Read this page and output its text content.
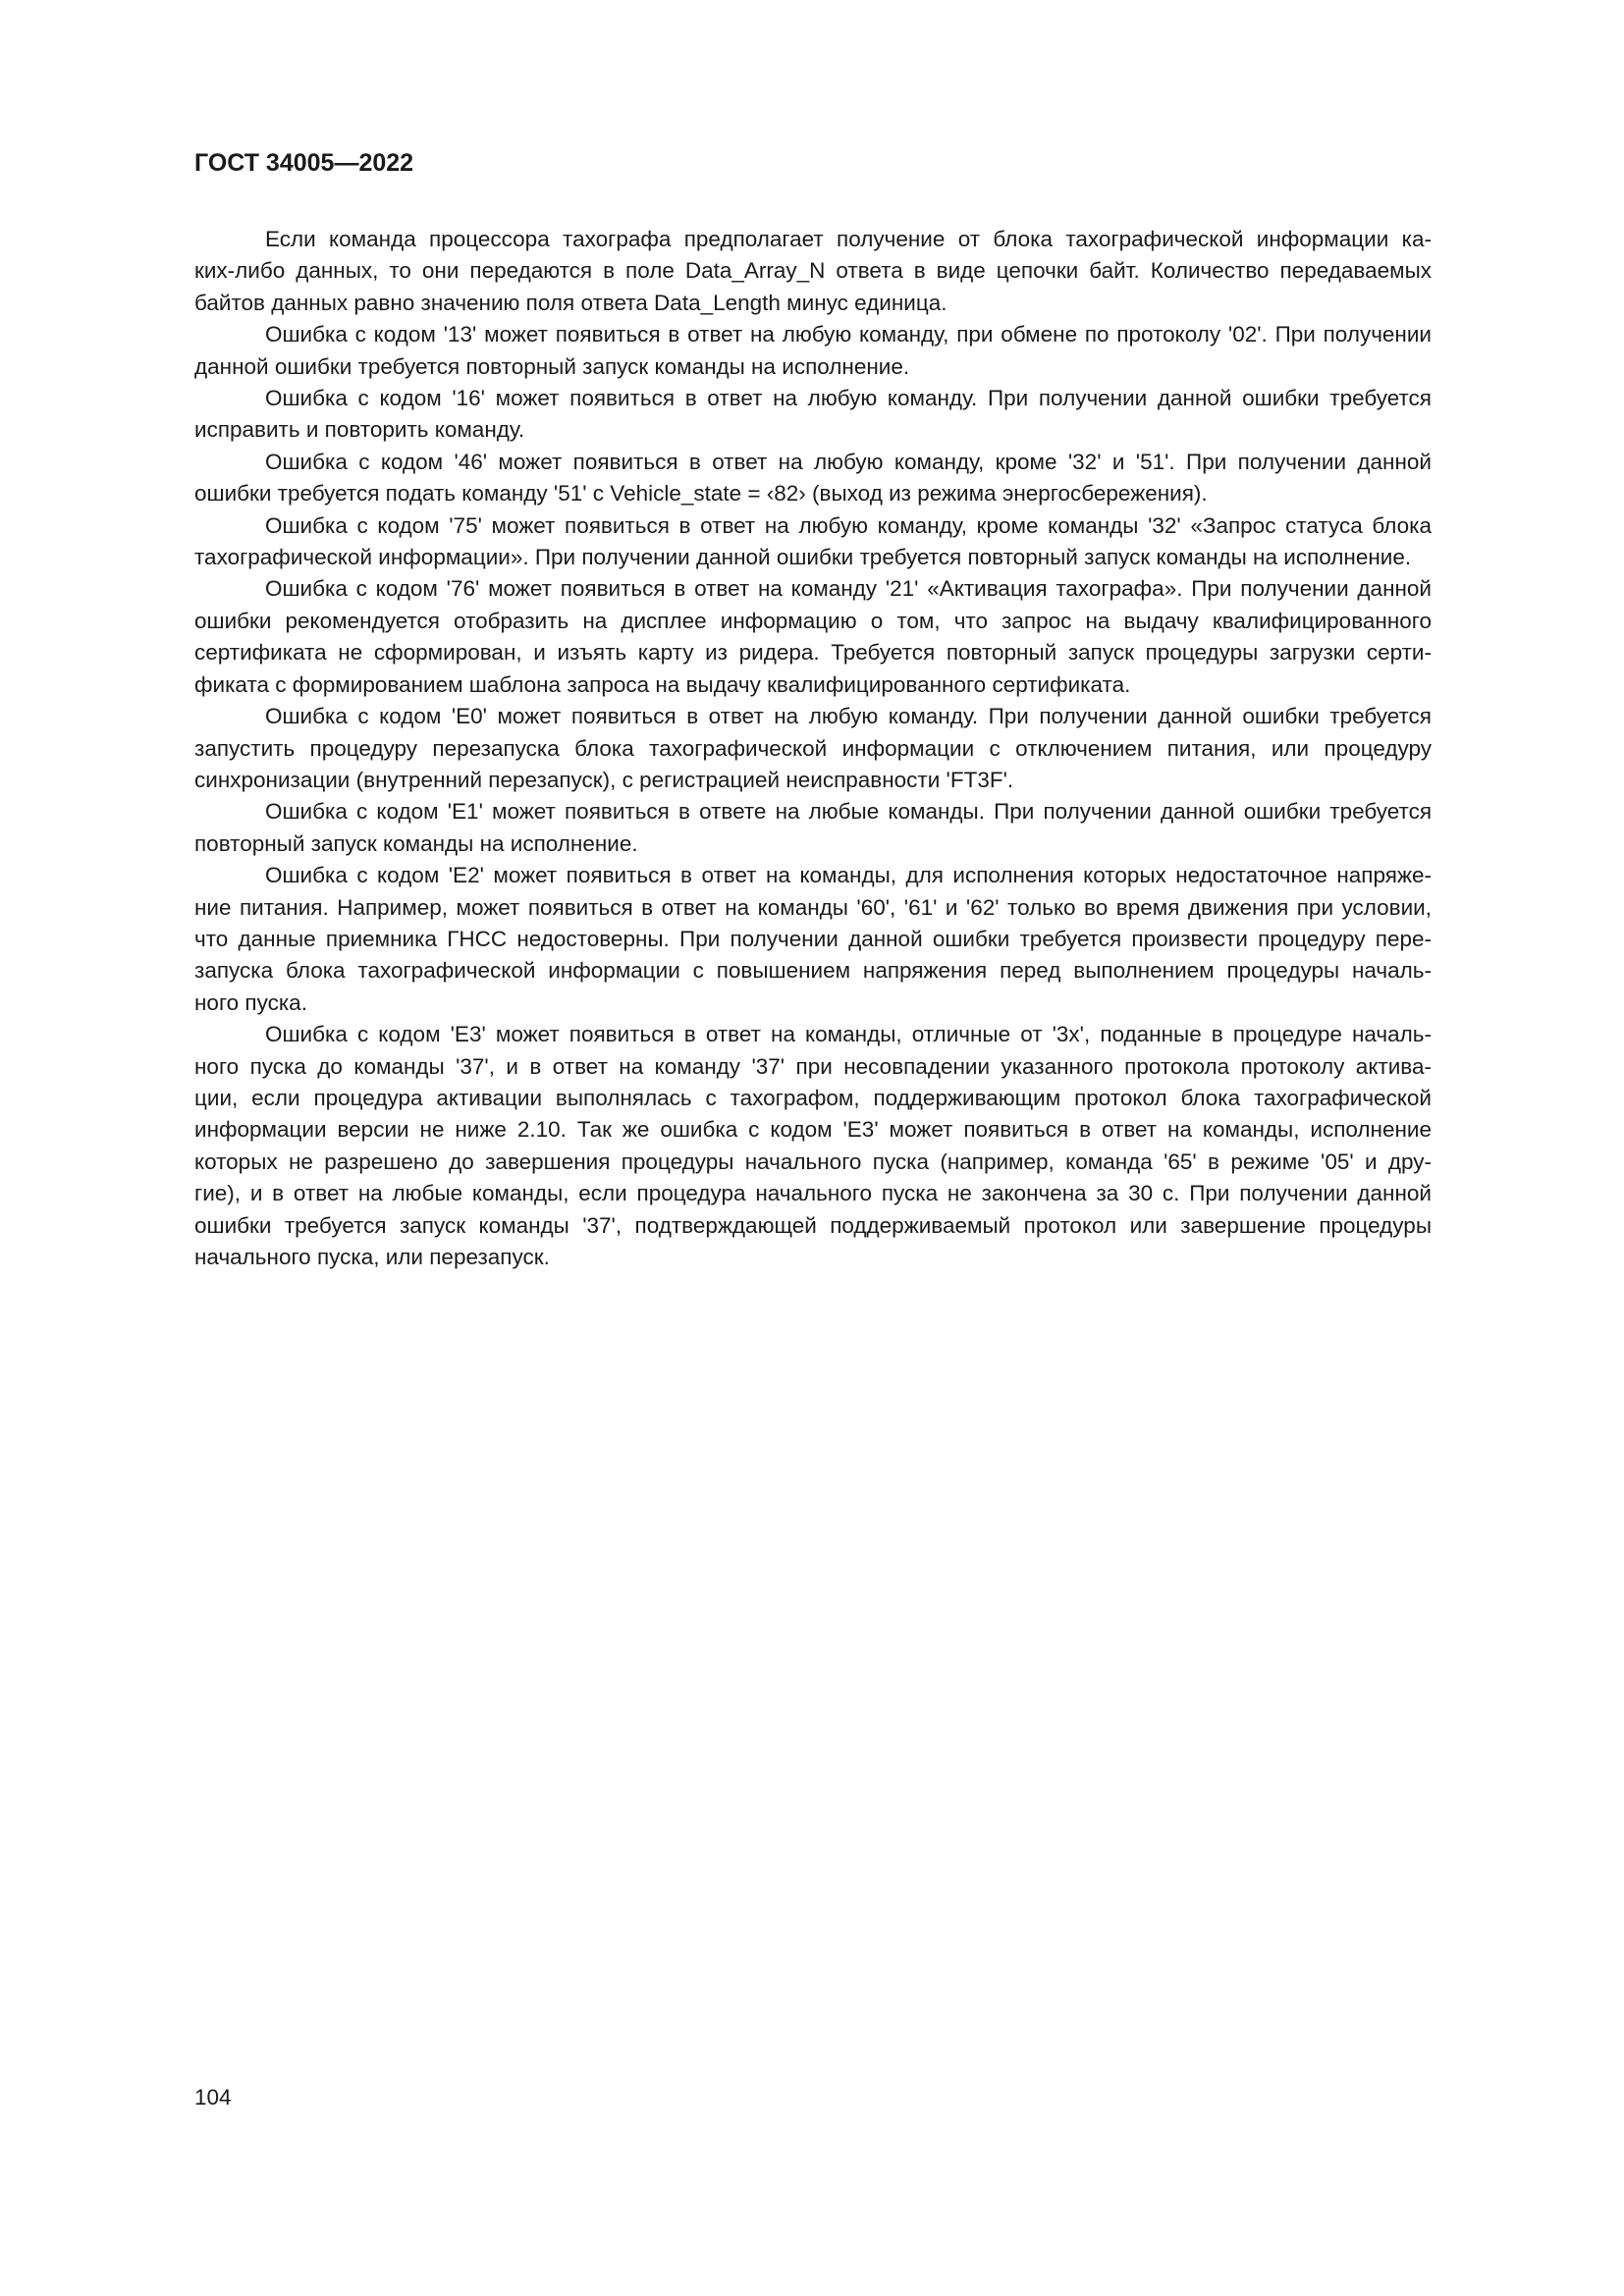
ГОСТ 34005—2022
Если команда процессора тахографа предполагает получение от блока тахографической информации ка-
ких-либо данных, то они передаются в поле Data_Array_N ответа в виде цепочки байт. Количество передаваемых
байтов данных равно значению поля ответа Data_Length минус единица.
Ошибка с кодом '13' может появиться в ответ на любую команду, при обмене по протоколу '02'. При получении
данной ошибки требуется повторный запуск команды на исполнение.
Ошибка с кодом '16' может появиться в ответ на любую команду. При получении данной ошибки требуется
исправить и повторить команду.
Ошибка с кодом '46' может появиться в ответ на любую команду, кроме '32' и '51'. При получении данной
ошибки требуется подать команду '51' с Vehicle_state = ‹82› (выход из режима энергосбережения).
Ошибка с кодом '75' может появиться в ответ на любую команду, кроме команды '32' «Запрос статуса блока
тахографической информации». При получении данной ошибки требуется повторный запуск команды на исполнение.
Ошибка с кодом '76' может появиться в ответ на команду '21' «Активация тахографа». При получении данной
ошибки рекомендуется отобразить на дисплее информацию о том, что запрос на выдачу квалифицированного
сертификата не сформирован, и изъять карту из ридера. Требуется повторный запуск процедуры загрузки серти-
фиката с формированием шаблона запроса на выдачу квалифицированного сертификата.
Ошибка с кодом 'E0' может появиться в ответ на любую команду. При получении данной ошибки требуется
запустить процедуру перезапуска блока тахографической информации с отключением питания, или процедуру
синхронизации (внутренний перезапуск), с регистрацией неисправности 'FT3F'.
Ошибка с кодом 'E1' может появиться в ответе на любые команды. При получении данной ошибки требуется
повторный запуск команды на исполнение.
Ошибка с кодом 'E2' может появиться в ответ на команды, для исполнения которых недостаточное напряже-
ние питания. Например, может появиться в ответ на команды '60', '61' и '62' только во время движения при условии,
что данные приемника ГНСС недостоверны. При получении данной ошибки требуется произвести процедуру пере-
запуска блока тахографической информации с повышением напряжения перед выполнением процедуры началь-
ного пуска.
Ошибка с кодом 'E3' может появиться в ответ на команды, отличные от '3x', поданные в процедуре началь-
ного пуска до команды '37', и в ответ на команду '37' при несовпадении указанного протокола протоколу актива-
ции, если процедура активации выполнялась с тахографом, поддерживающим протокол блока тахографической
информации версии не ниже 2.10. Так же ошибка с кодом 'E3' может появиться в ответ на команды, исполнение
которых не разрешено до завершения процедуры начального пуска (например, команда '65' в режиме '05' и дру-
гие), и в ответ на любые команды, если процедура начального пуска не закончена за 30 с. При получении данной
ошибки требуется запуск команды '37', подтверждающей поддерживаемый протокол или завершение процедуры
начального пуска, или перезапуск.
104
